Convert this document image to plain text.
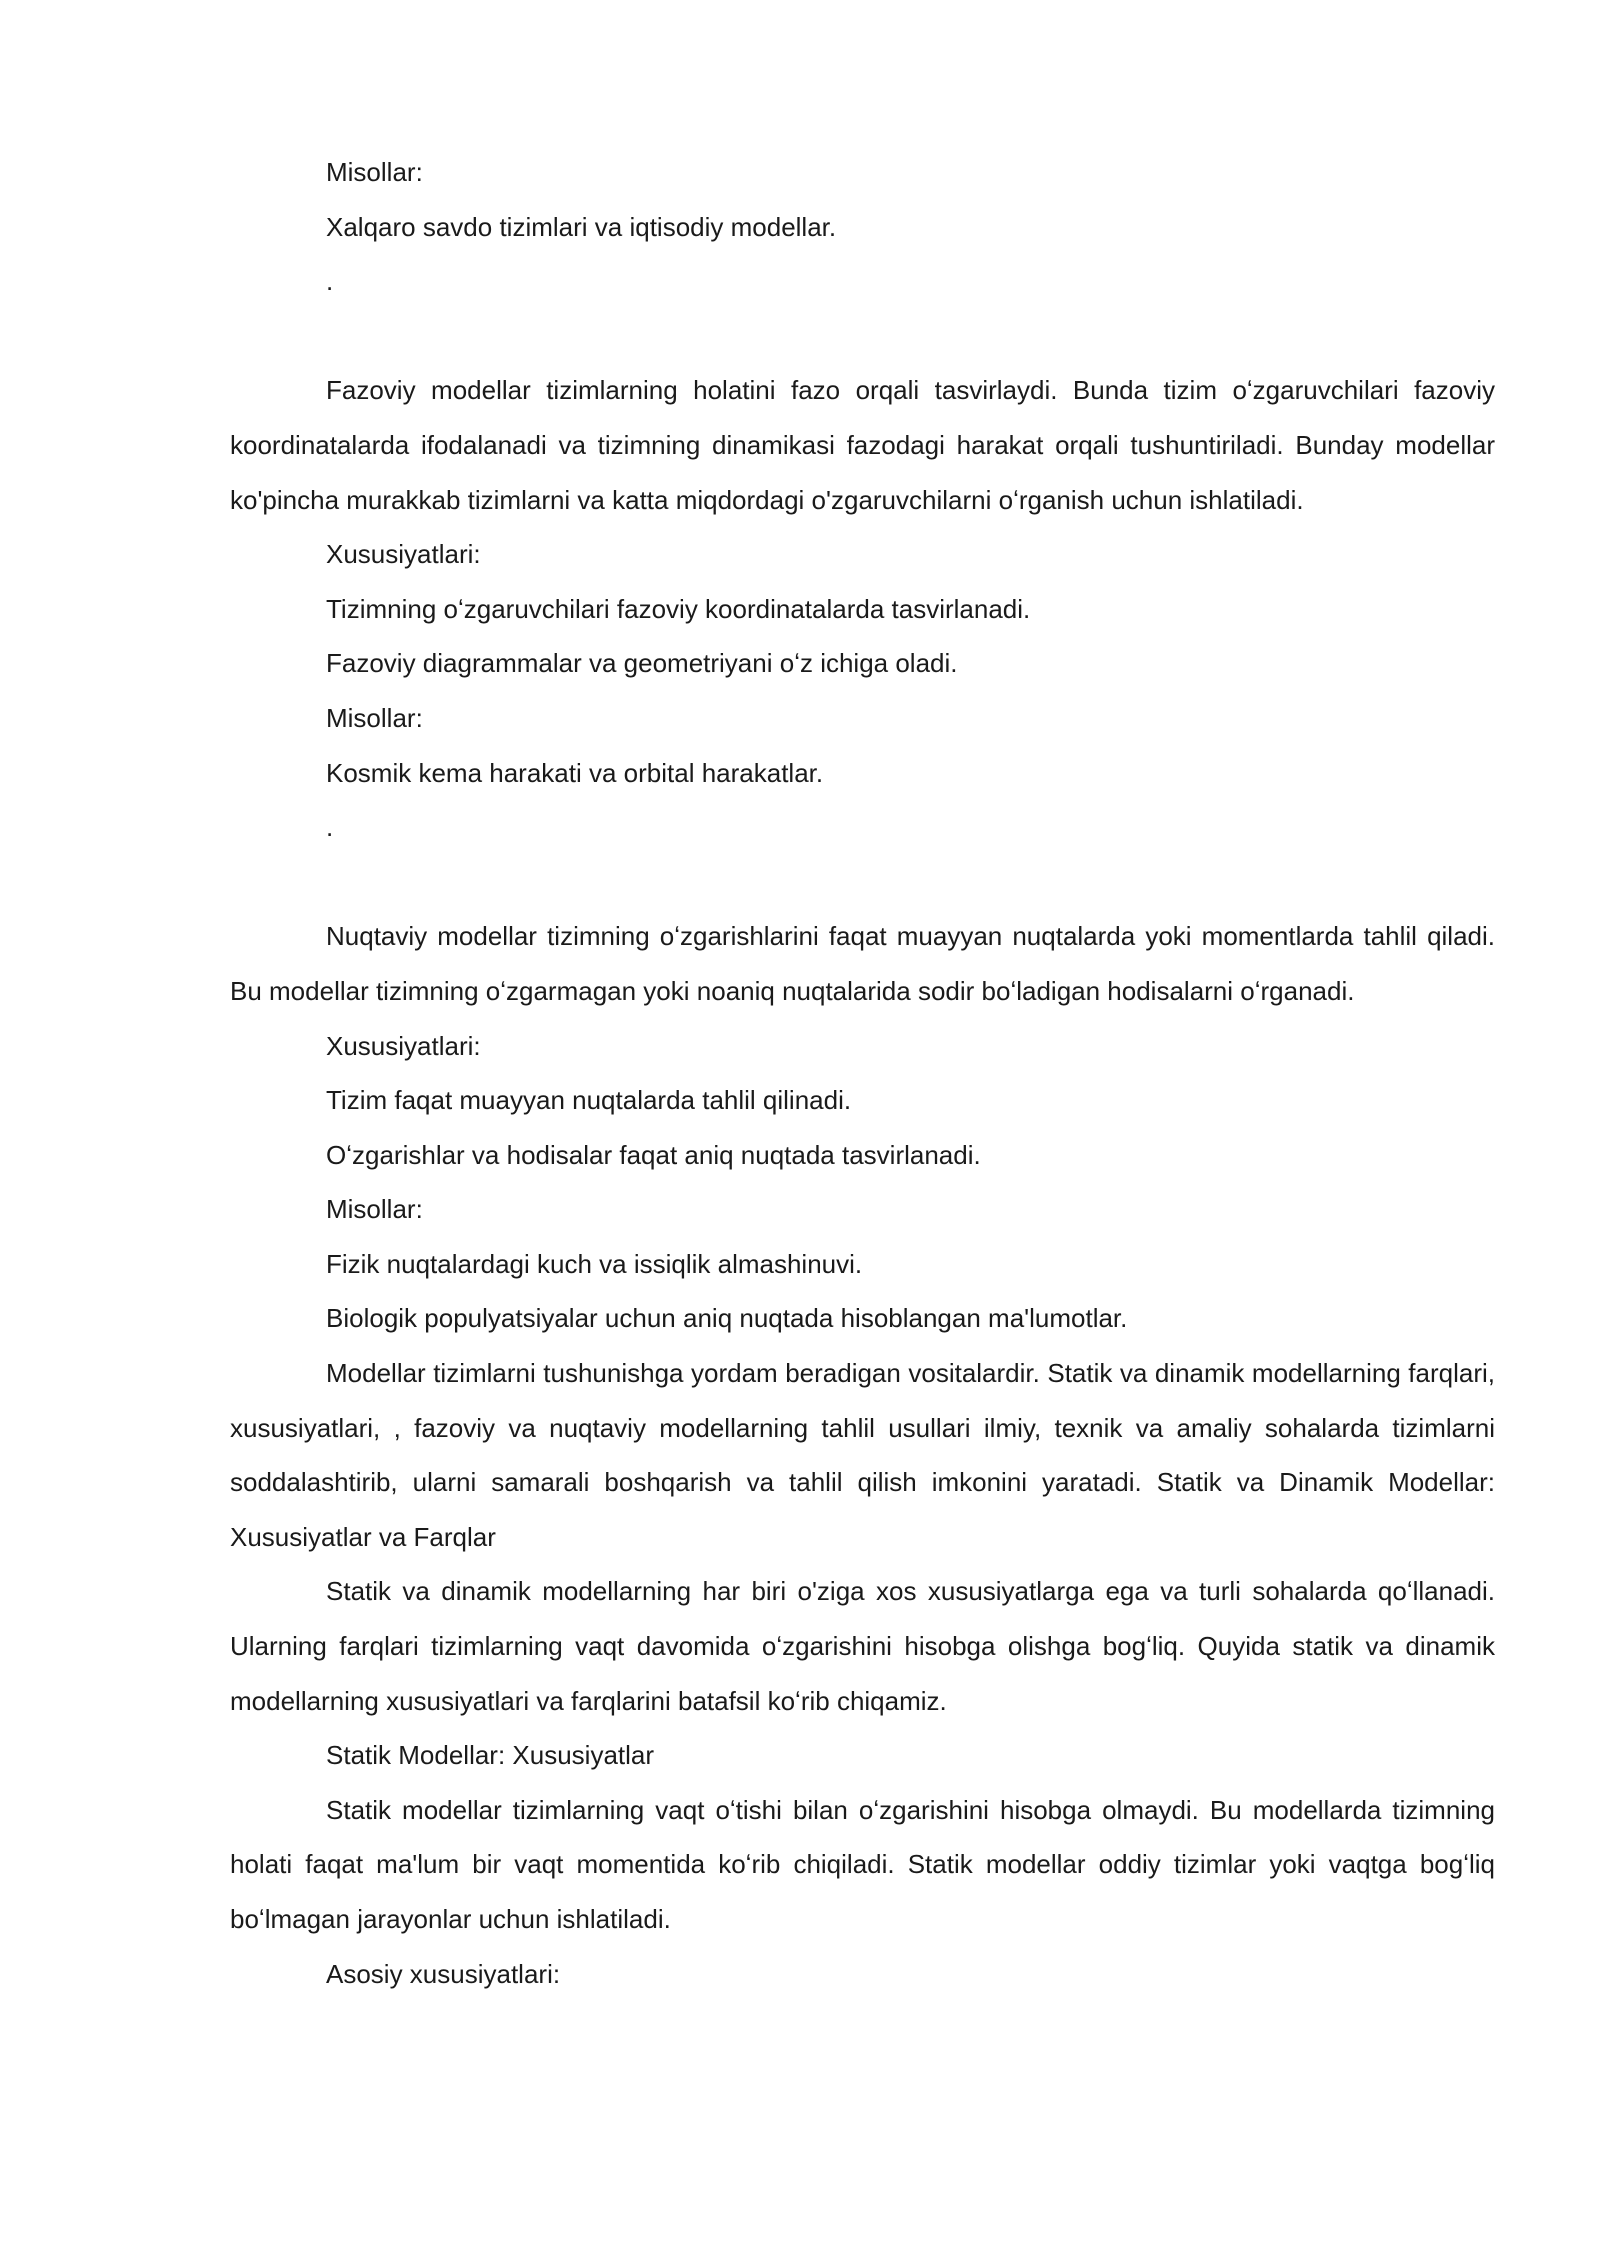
Misollar:

Xalqaro savdo tizimlari va iqtisodiy modellar.

.

Fazoviy modellar tizimlarning holatini fazo orqali tasvirlaydi. Bunda tizim oʻzgaruvchilari fazoviy koordinatalarda ifodalanadi va tizimning dinamikasi fazodagi harakat orqali tushuntiriladi. Bunday modellar ko'pincha murakkab tizimlarni va katta miqdordagi o'zgaruvchilarni oʻrganish uchun ishlatiladi.

Xususiyatlari:

Tizimning oʻzgaruvchilari fazoviy koordinatalarda tasvirlanadi.

Fazoviy diagrammalar va geometriyani oʻz ichiga oladi.

Misollar:

Kosmik kema harakati va orbital harakatlar.

.

Nuqtaviy modellar tizimning oʻzgarishlarini faqat muayyan nuqtalarda yoki momentlarda tahlil qiladi. Bu modellar tizimning oʻzgarmagan yoki noaniq nuqtalarida sodir boʻladigan hodisalarni oʻrganadi.

Xususiyatlari:

Tizim faqat muayyan nuqtalarda tahlil qilinadi.

Oʻzgarishlar va hodisalar faqat aniq nuqtada tasvirlanadi.

Misollar:

Fizik nuqtalardagi kuch va issiqlik almashinuvi.

Biologik populyatsiyalar uchun aniq nuqtada hisoblangan ma'lumotlar.

Modellar tizimlarni tushunishga yordam beradigan vositalardir. Statik va dinamik modellarning farqlari, xususiyatlari, , fazoviy va nuqtaviy modellarning tahlil usullari ilmiy, texnik va amaliy sohalarda tizimlarni soddalashtirib, ularni samarali boshqarish va tahlil qilish imkonini yaratadi. Statik va Dinamik Modellar: Xususiyatlar va Farqlar

Statik va dinamik modellarning har biri o'ziga xos xususiyatlarga ega va turli sohalarda qoʻllanadi. Ularning farqlari tizimlarning vaqt davomida oʻzgarishini hisobga olishga bogʻliq. Quyida statik va dinamik modellarning xususiyatlari va farqlarini batafsil koʻrib chiqamiz.

Statik Modellar: Xususiyatlar

Statik modellar tizimlarning vaqt oʻtishi bilan oʻzgarishini hisobga olmaydi. Bu modellarda tizimning holati faqat ma'lum bir vaqt momentida koʻrib chiqiladi. Statik modellar oddiy tizimlar yoki vaqtga bogʻliq boʻlmagan jarayonlar uchun ishlatiladi.

Asosiy xususiyatlari:
